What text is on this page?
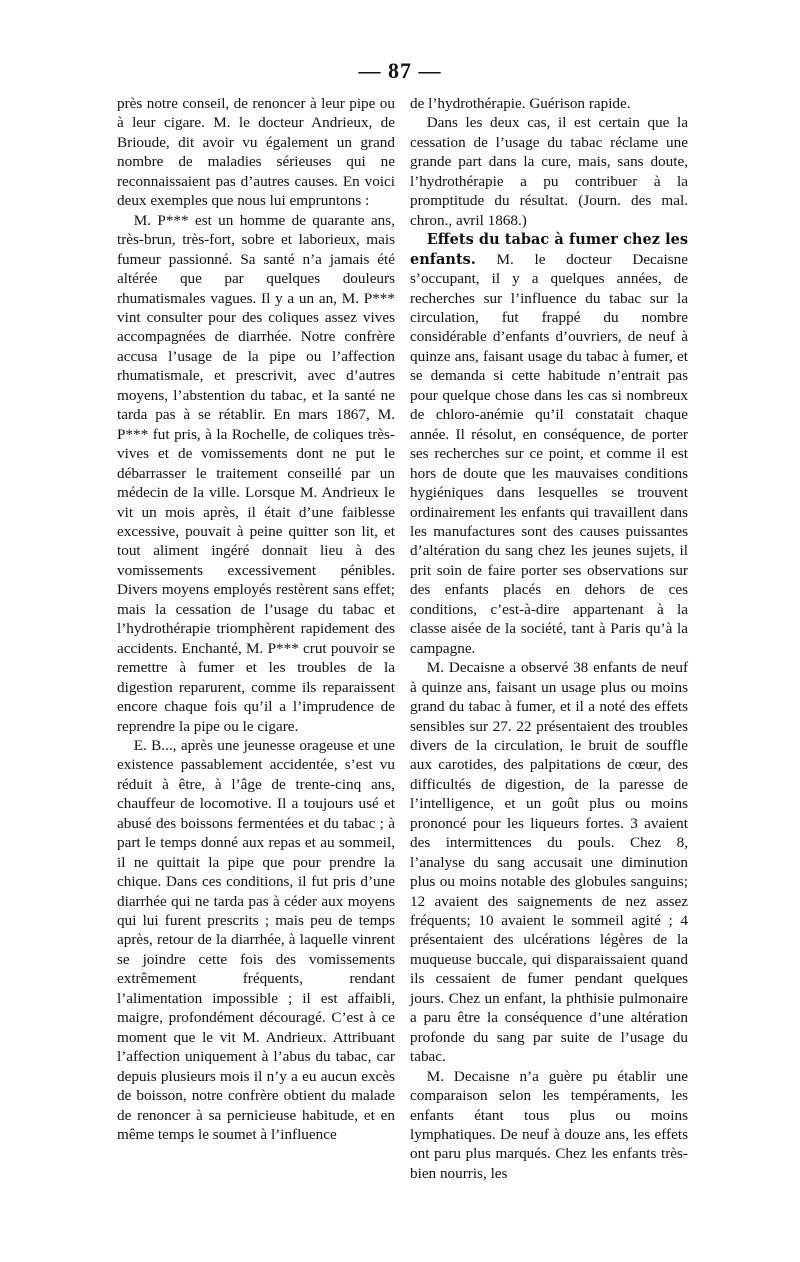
— 87 —

près notre conseil, de renoncer à leur pipe ou à leur cigare. M. le docteur Andrieux, de Brioude, dit avoir vu également un grand nombre de maladies sérieuses qui ne reconnaissaient pas d’autres causes. En voici deux exemples que nous lui empruntons :

M. P*** est un homme de quarante ans, très-brun, très-fort, sobre et laborieux, mais fumeur passionné. Sa santé n’a jamais été altérée que par quelques douleurs rhumatismales vagues. Il y a un an, M. P*** vint consulter pour des coliques assez vives accompagnées de diarrhée. Notre confrère accusa l’usage de la pipe ou l’affection rhumatismale, et prescrivit, avec d’autres moyens, l’abstention du tabac, et la santé ne tarda pas à se rétablir. En mars 1867, M. P*** fut pris, à la Rochelle, de coliques très-vives et de vomissements dont ne put le débarrasser le traitement conseillé par un médecin de la ville. Lorsque M. Andrieux le vit un mois après, il était d’une faiblesse excessive, pouvait à peine quitter son lit, et tout aliment ingéré donnait lieu à des vomissements excessivement pénibles. Divers moyens employés restèrent sans effet; mais la cessation de l’usage du tabac et l’hydrothérapie triomphèrent rapidement des accidents. Enchanté, M. P*** crut pouvoir se remettre à fumer et les troubles de la digestion reparurent, comme ils reparaissent encore chaque fois qu’il a l’imprudence de reprendre la pipe ou le cigare.

E. B..., après une jeunesse orageuse et une existence passablement accidentée, s’est vu réduit à être, à l’âge de trente-cinq ans, chauffeur de locomotive. Il a toujours usé et abusé des boissons fermentées et du tabac ; à part le temps donné aux repas et au sommeil, il ne quittait la pipe que pour prendre la chique. Dans ces conditions, il fut pris d’une diarrhée qui ne tarda pas à céder aux moyens qui lui furent prescrits ; mais peu de temps après, retour de la diarrhée, à laquelle vinrent se joindre cette fois des vomissements extrêmement fréquents, rendant l’alimentation impossible ; il est affaibli, maigre, profondément découragé. C’est à ce moment que le vit M. Andrieux. Attribuant l’affection uniquement à l’abus du tabac, car depuis plusieurs mois il n’y a eu aucun excès de boisson, notre confrère obtient du malade de renoncer à sa pernicieuse habitude, et en même temps le soumet à l’influence

de l’hydrothérapie. Guérison rapide.

Dans les deux cas, il est certain que la cessation de l’usage du tabac réclame une grande part dans la cure, mais, sans doute, l’hydrothérapie a pu contribuer à la promptitude du résultat. (Journ. des mal. chron., avril 1868.)

Effets du tabac à fumer chez les enfants. M. le docteur Decaisne s’occupant, il y a quelques années, de recherches sur l’influence du tabac sur la circulation, fut frappé du nombre considérable d’enfants d’ouvriers, de neuf à quinze ans, faisant usage du tabac à fumer, et se demanda si cette habitude n’entrait pas pour quelque chose dans les cas si nombreux de chloro-anémie qu’il constatait chaque année. Il résolut, en conséquence, de porter ses recherches sur ce point, et comme il est hors de doute que les mauvaises conditions hygiéniques dans lesquelles se trouvent ordinairement les enfants qui travaillent dans les manufactures sont des causes puissantes d’altération du sang chez les jeunes sujets, il prit soin de faire porter ses observations sur des enfants placés en dehors de ces conditions, c’est-à-dire appartenant à la classe aisée de la société, tant à Paris qu’à la campagne.

M. Decaisne a observé 38 enfants de neuf à quinze ans, faisant un usage plus ou moins grand du tabac à fumer, et il a noté des effets sensibles sur 27. 22 présentaient des troubles divers de la circulation, le bruit de souffle aux carotides, des palpitations de cœur, des difficultés de digestion, de la paresse de l’intelligence, et un goût plus ou moins prononcé pour les liqueurs fortes. 3 avaient des intermittences du pouls. Chez 8, l’analyse du sang accusait une diminution plus ou moins notable des globules sanguins; 12 avaient des saignements de nez assez fréquents; 10 avaient le sommeil agité ; 4 présentaient des ulcérations légères de la muqueuse buccale, qui disparaissaient quand ils cessaient de fumer pendant quelques jours. Chez un enfant, la phthisie pulmonaire a paru être la conséquence d’une altération profonde du sang par suite de l’usage du tabac.

M. Decaisne n’a guère pu établir une comparaison selon les tempéraments, les enfants étant tous plus ou moins lymphatiques. De neuf à douze ans, les effets ont paru plus marqués. Chez les enfants très-bien nourris, les
